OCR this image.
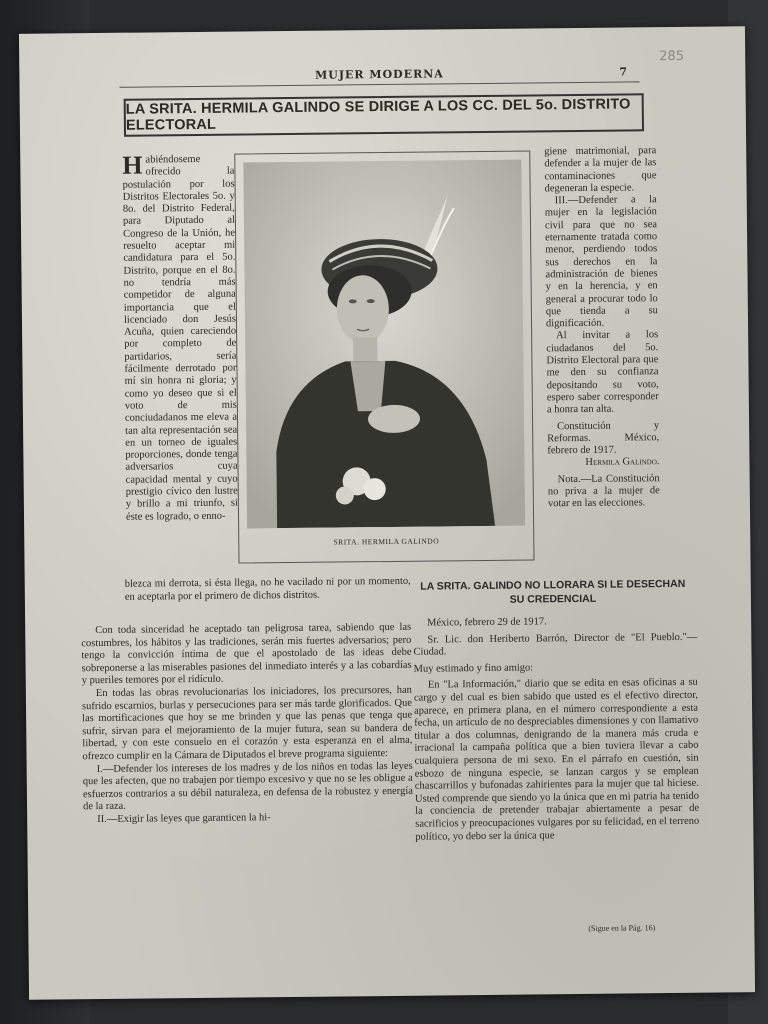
MUJER MODERNA	7
285
LA SRITA. HERMILA GALINDO SE DIRIGE A LOS CC. DEL 5o. DISTRITO ELECTORAL
Habiéndoseme ofrecido la postulación por los Distritos Electorales 5o. y 8o. del Distrito Federal, para Diputado al Congreso de la Unión, he resuelto aceptar mi candidatura para el 5o. Distrito, porque en el 8o. no tendría más competidor de alguna importancia que el licenciado don Jesús Acuña, quien careciendo por completo de partidarios, sería fácilmente derrotado por mí sin honra ni gloria; y como yo deseo que si el voto de mis conciudadanos me eleva a tan alta representación sea en un torneo de iguales proporciones, donde tenga adversarios cuya capacidad mental y cuyo prestigio cívico den lustre y brillo a mi triunfo, si éste es logrado, o enno-
SRITA. HERMILA GALINDO
giene matrimonial, para defender a la mujer de las contaminaciones que degeneran la especie.
III.—Defender a la mujer en la legislación civil para que no sea eternamente tratada como menor, perdiendo todos sus derechos en la administración de bienes y en la herencia, y en general a procurar todo lo que tienda a su dignificación.
Al invitar a los ciudadanos del 5o. Distrito Electoral para que me den su confianza depositando su voto, espero saber corresponder a honra tan alta.
Constitución y Reformas. México, febrero de 1917.
Hermila Galindo.
Nota.—La Constitución no priva a la mujer de votar en las elecciones.

blezca mi derrota, si ésta llega, no he vacilado ni por un momento, en aceptarla por el primero de dichos distritos.

Con toda sinceridad he aceptado tan peligrosa tarea, sabiendo que las costumbres, los hábitos y las tradiciones, serán mis fuertes adversarios; pero tengo la convicción íntima de que el apostolado de las ideas debe sobreponerse a las miserables pasiones del inmediato interés y a las cobardías y pueriles temores por el ridículo.

En todas las obras revolucionarias los iniciadores, los precursores, han sufrido escarnios, burlas y persecuciones para ser más tarde glorificados. Que las mortificaciones que hoy se me brinden y que las penas que tenga que sufrir, sirvan para el mejoramiento de la mujer futura, sean su bandera de libertad, y con este consuelo en el corazón y esta esperanza en el alma, ofrezco cumplir en la Cámara de Diputados el breve programa siguiente:

I.—Defender los intereses de los madres y de los niños en todas las leyes que les afecten, que no trabajen por tiempo excesivo y que no se les obligue a esfuerzos contrarios a su débil naturaleza, en defensa de la robustez y energía de la raza.

II.—Exigir las leyes que garanticen la hi-

LA SRITA. GALINDO NO LLORARA SI LE DESECHAN SU CREDENCIAL

México, febrero 29 de 1917.

Sr. Lic. don Heriberto Barrón, Director de "El Pueblo."—Ciudad.

Muy estimado y fino amigo:

En "La Información," diario que se edita en esas oficinas a su cargo y del cual es bien sabido que usted es el efectivo director, aparece, en primera plana, en el número correspondiente a esta fecha, un artículo de no despreciables dimensiones y con llamativo titular a dos columnas, denigrando de la manera más cruda e irracional la campaña política que a bien tuviera llevar a cabo cualquiera persona de mi sexo. En el párrafo en cuestión, sin esbozo de ninguna especie, se lanzan cargos y se emplean chascarrillos y bufonadas zahirientes para la mujer que tal hiciese. Usted comprende que siendo yo la única que en mi patria ha tenido la conciencia de pretender trabajar abiertamente a pesar de sacrificios y preocupaciones vulgares por su felicidad, en el terreno político, yo debo ser la única que

(Sigue en la Pág. 16)
